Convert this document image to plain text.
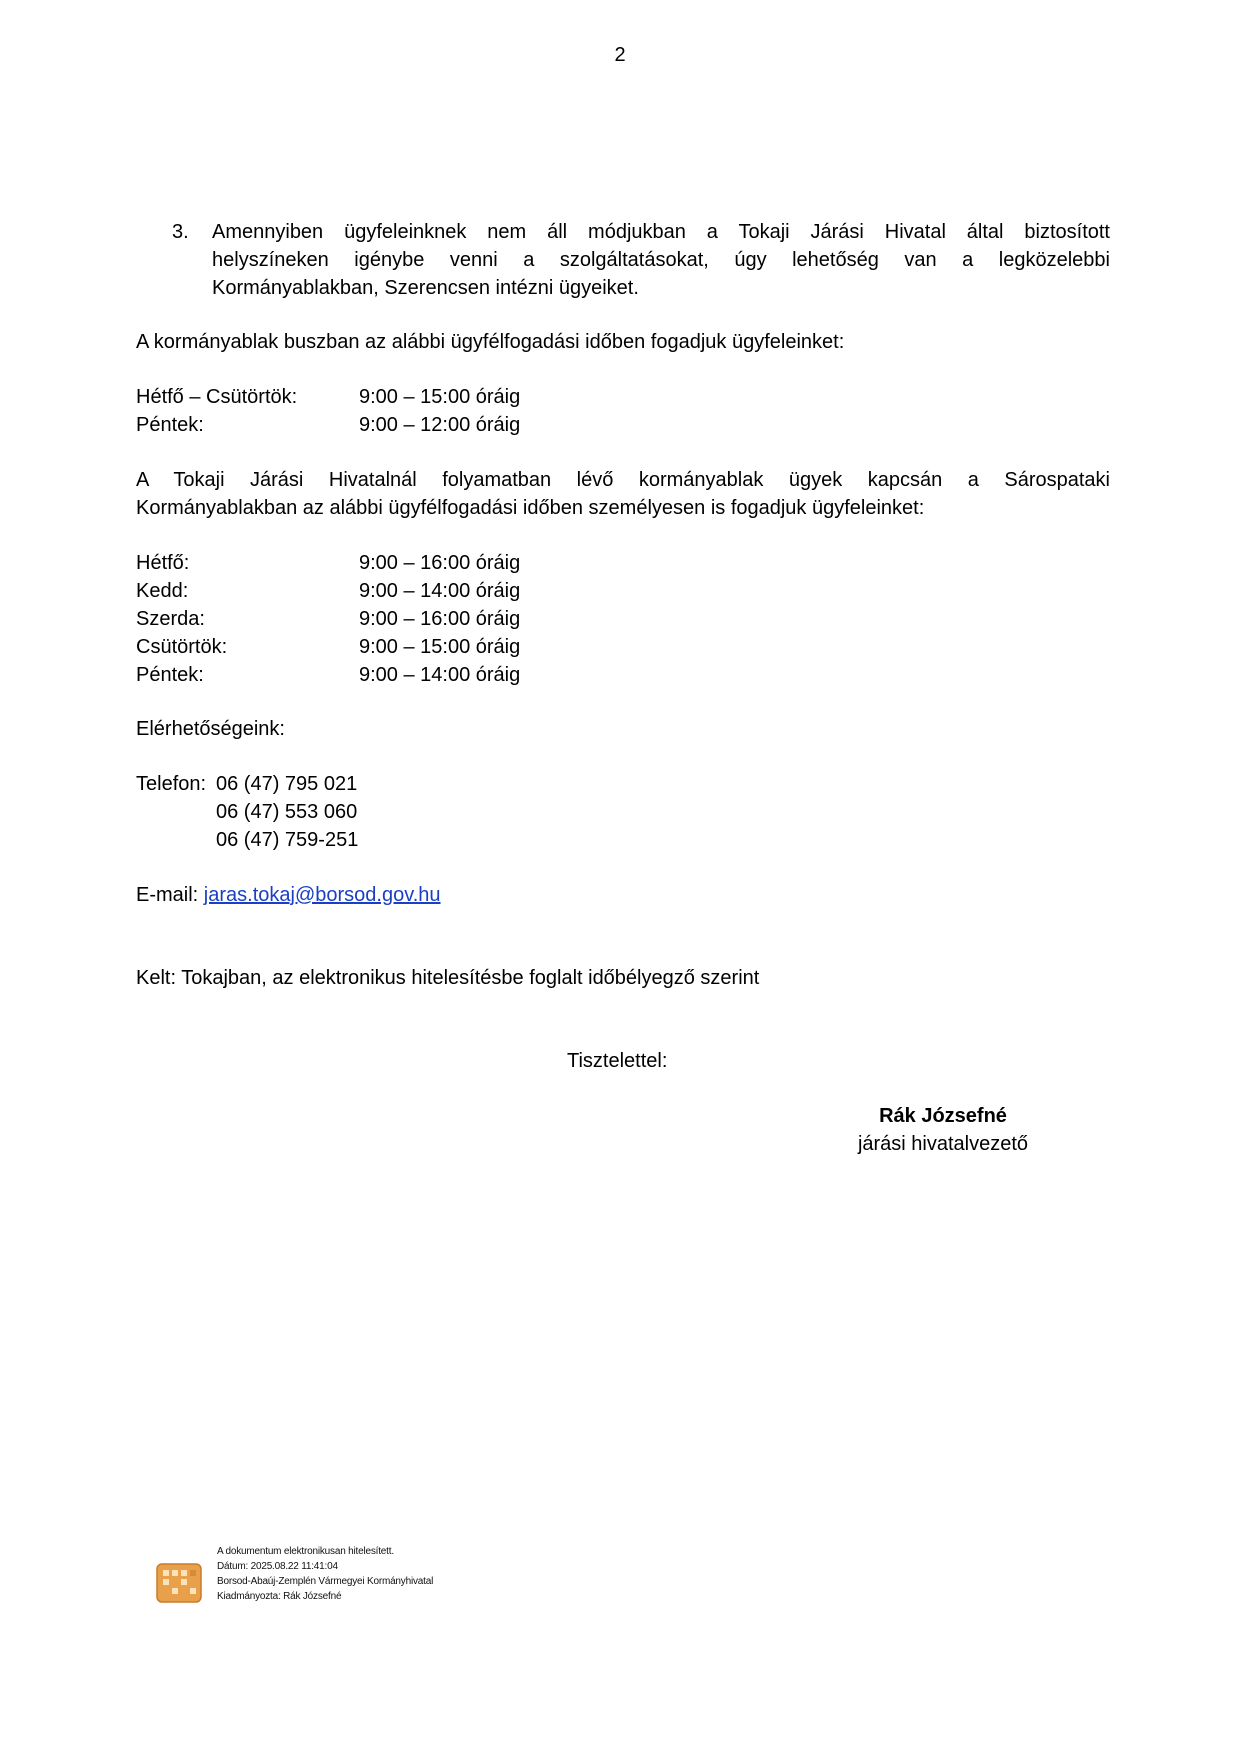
2
3.	Amennyiben ügyfeleinknek nem áll módjukban a Tokaji Járási Hivatal által biztosított
helyszíneken igénybe venni a szolgáltatásokat, úgy lehetőség van a legközelebbi
Kormányablakban, Szerencsen intézni ügyeiket.
A kormányablak buszban az alábbi ügyfélfogadási időben fogadjuk ügyfeleinket:
Hétfő – Csütörtök:	9:00 – 15:00 óráig
Péntek:	9:00 – 12:00 óráig
A Tokaji Járási Hivatalnál folyamatban lévő kormányablak ügyek kapcsán a Sárospataki
Kormányablakban az alábbi ügyfélfogadási időben személyesen is fogadjuk ügyfeleinket:
Hétfő:	9:00 – 16:00 óráig
Kedd:	9:00 – 14:00 óráig
Szerda:	9:00 – 16:00 óráig
Csütörtök:	9:00 – 15:00 óráig
Péntek:	9:00 – 14:00 óráig
Elérhetőségeink:
Telefon: 06 (47) 795 021
06 (47) 553 060
06 (47) 759-251
E-mail: jaras.tokaj@borsod.gov.hu
Kelt: Tokajban, az elektronikus hitelesítésbe foglalt időbélyegző szerint
Tisztelettel:
Rák Józsefné
járási hivatalvezető
A dokumentum elektronikusan hitelesített.
Dátum: 2025.08.22 11:41:04
Borsod-Abaúj-Zemplén Vármegyei Kormányhivatal
Kiadmányozta: Rák Józsefné
